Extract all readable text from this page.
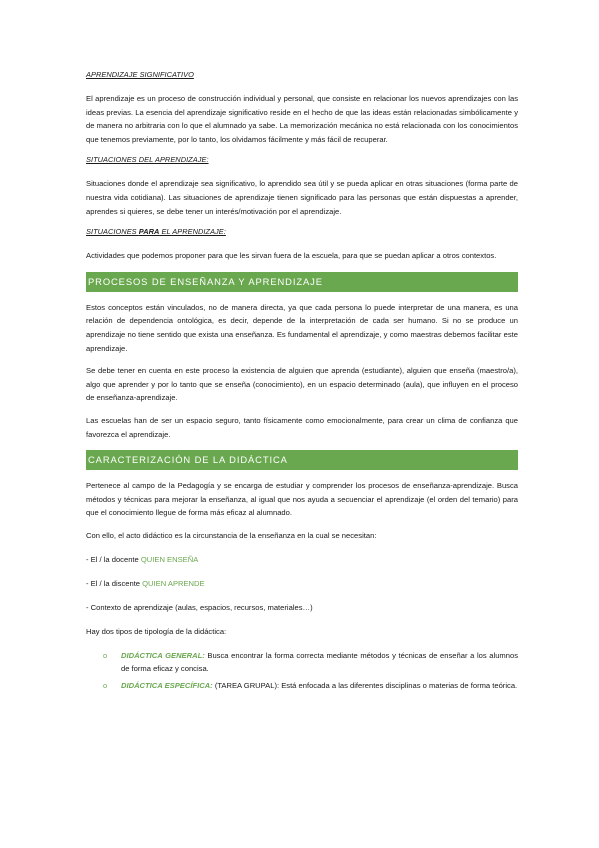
APRENDIZAJE SIGNIFICATIVO

El aprendizaje es un proceso de construcción individual y personal, que consiste en relacionar los nuevos aprendizajes con las ideas previas. La esencia del aprendizaje significativo reside en el hecho de que las ideas están relacionadas simbólicamente y de manera no arbitraria con lo que el alumnado ya sabe. La memorización mecánica no está relacionada con los conocimientos que tenemos previamente, por lo tanto, los olvidamos fácilmente y más fácil de recuperar.

SITUACIONES DEL APRENDIZAJE:

Situaciones donde el aprendizaje sea significativo, lo aprendido sea útil y se pueda aplicar en otras situaciones (forma parte de nuestra vida cotidiana). Las situaciones de aprendizaje tienen significado para las personas que están dispuestas a aprender, aprendes si quieres, se debe tener un interés/motivación por el aprendizaje.

SITUACIONES PARA EL APRENDIZAJE:

Actividades que podemos proponer para que les sirvan fuera de la escuela, para que se puedan aplicar a otros contextos.

PROCESOS DE ENSEÑANZA Y APRENDIZAJE

Estos conceptos están vinculados, no de manera directa, ya que cada persona lo puede interpretar de una manera, es una relación de dependencia ontológica, es decir, depende de la interpretación de cada ser humano. Si no se produce un aprendizaje no tiene sentido que exista una enseñanza. Es fundamental el aprendizaje, y como maestras debemos facilitar este aprendizaje.

Se debe tener en cuenta en este proceso la existencia de alguien que aprenda (estudiante), alguien que enseña (maestro/a), algo que aprender y por lo tanto que se enseña (conocimiento), en un espacio determinado (aula), que influyen en el proceso de enseñanza-aprendizaje.

Las escuelas han de ser un espacio seguro, tanto físicamente como emocionalmente, para crear un clima de confianza que favorezca el aprendizaje.

CARACTERIZACIÓN DE LA DIDÁCTICA

Pertenece al campo de la Pedagogía y se encarga de estudiar y comprender los procesos de enseñanza-aprendizaje. Busca métodos y técnicas para mejorar la enseñanza, al igual que nos ayuda a secuenciar el aprendizaje (el orden del temario) para que el conocimiento llegue de forma más eficaz al alumnado.

Con ello, el acto didáctico es la circunstancia de la enseñanza en la cual se necesitan:

- El / la docente QUIEN ENSEÑA
- El / la discente QUIEN APRENDE
- Contexto de aprendizaje (aulas, espacios, recursos, materiales…)
Hay dos tipos de tipología de la didáctica:
o DIDÁCTICA GENERAL: Busca encontrar la forma correcta mediante métodos y técnicas de enseñar a los alumnos de forma eficaz y concisa.
o DIDÁCTICA ESPECÍFICA: (TAREA GRUPAL): Está enfocada a las diferentes disciplinas o materias de forma teórica.
